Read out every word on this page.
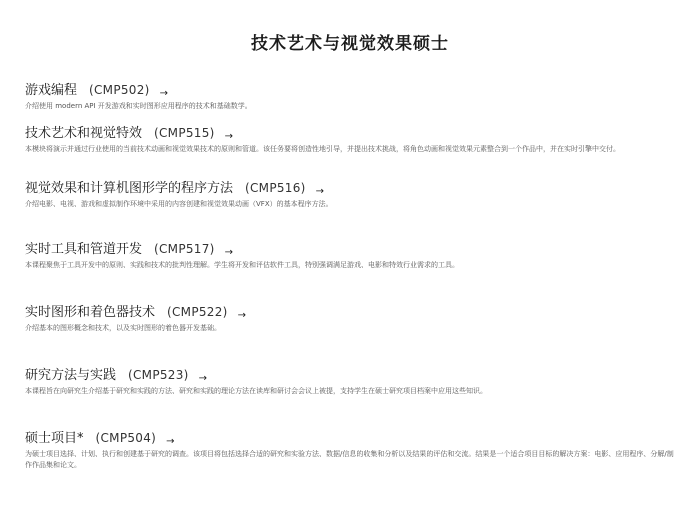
技术艺术与视觉效果硕士
游戏编程 (CMP502) →
介绍使用 modern API 开发游戏和实时图形应用程序的技术和基础数学。
技术艺术和视觉特效 (CMP515) →
本模块将演示并通过行业使用的当前技术动画和视觉效果技术的原则和管道。该任务要将创造性地引导，并提出技术挑战，将角色动画和视觉效果元素整合到一个作品中，并在实时引擎中交付。
视觉效果和计算机图形学的程序方法 (CMP516) →
介绍电影、电视、游戏和虚拟制作环境中采用的内容创建和视觉效果动画（VFX）的基本程序方法。
实时工具和管道开发 (CMP517) →
本课程聚焦于工具开发中的原则、实践和技术的批判性理解。学生将开发和评估软件工具，特别强调满足游戏、电影和特效行业需求的工具。
实时图形和着色器技术 (CMP522) →
介绍基本的图形概念和技术，以及实时图形的着色器开发基础。
研究方法与实践 (CMP523) →
本课程旨在向研究生介绍基于研究和实践的方法、研究和实践的理论方法在读库和研讨会会议上被提，支持学生在硕士研究项目档案中应用这些知识。
硕士项目* (CMP504) →
为硕士项目选择、计划、执行和创建基于研究的调查。该项目将包括选择合适的研究和实验方法、数据/信息的收集和分析以及结果的评估和交流。结果是一个适合项目目标的解决方案：电影、应用程序、分解/制作作品集和论文。
